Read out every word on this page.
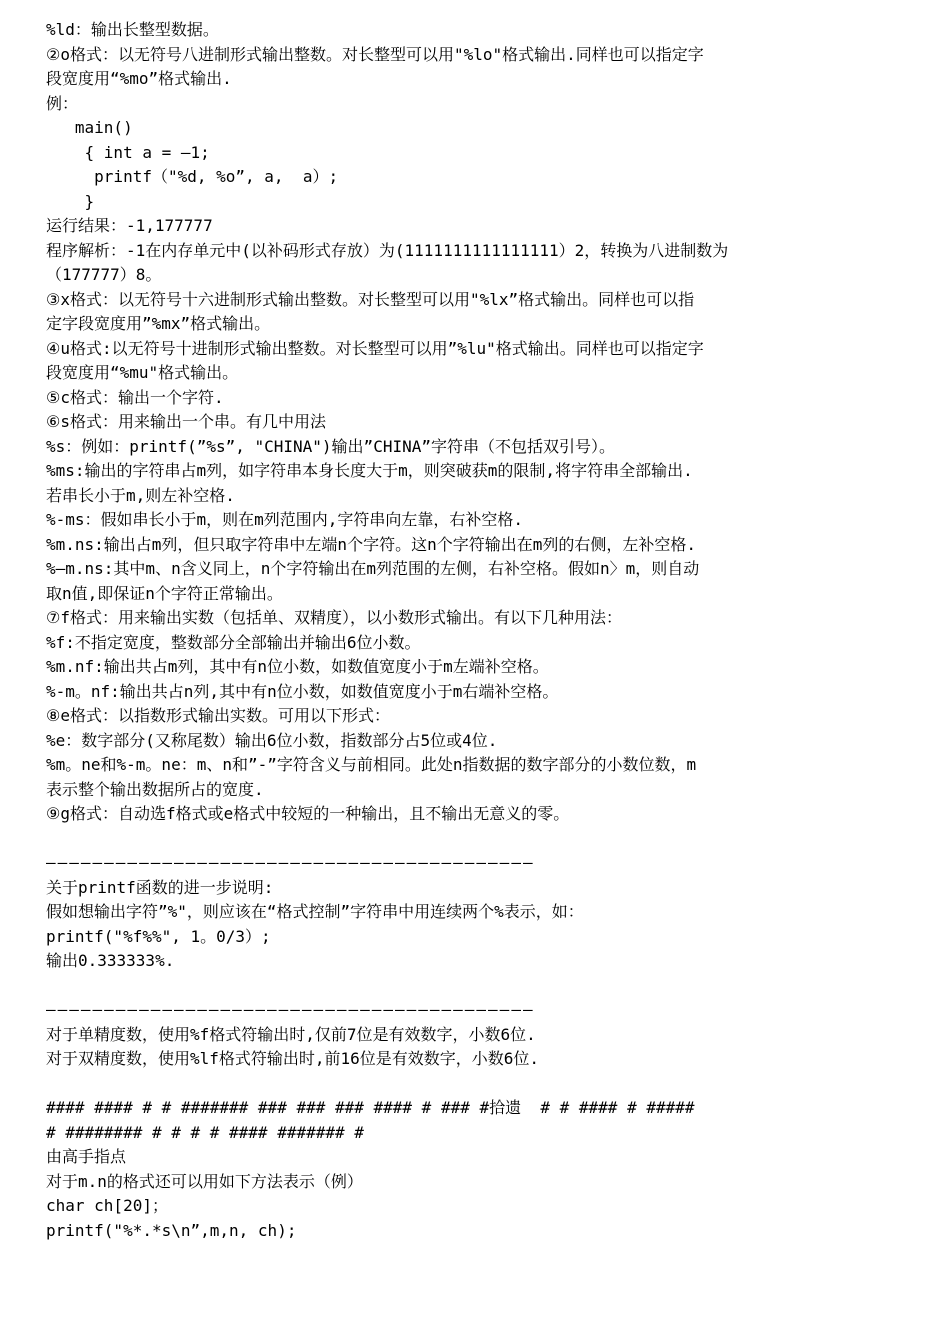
%ld：输出长整型数据。
②o格式：以无符号八进制形式输出整数。对长整型可以用"%lo"格式输出.同样也可以指定字
段宽度用“%mo”格式输出.
例：
main()
{ int a = —1;
printf（"%d, %o”, a,  a）;
}
运行结果：-1,177777
程序解析：-1在内存单元中(以补码形式存放）为(1111111111111111）2，转换为八进制数为
（177777）8。
③x格式：以无符号十六进制形式输出整数。对长整型可以用"%lx”格式输出。同样也可以指
定字段宽度用”%mx”格式输出。
④u格式:以无符号十进制形式输出整数。对长整型可以用”%lu"格式输出。同样也可以指定字
段宽度用“%mu"格式输出。
⑤c格式：输出一个字符.
⑥s格式：用来输出一个串。有几中用法
%s：例如：printf(”%s”, "CHINA")输出”CHINA”字符串（不包括双引号）。
%ms:输出的字符串占m列，如字符串本身长度大于m，则突破获m的限制,将字符串全部输出.
若串长小于m,则左补空格.
%-ms：假如串长小于m，则在m列范围内,字符串向左靠，右补空格.
%m.ns:输出占m列，但只取字符串中左端n个字符。这n个字符输出在m列的右侧，左补空格.
%—m.ns:其中m、n含义同上，n个字符输出在m列范围的左侧，右补空格。假如n〉m，则自动
取n值,即保证n个字符正常输出。
⑦f格式：用来输出实数（包括单、双精度），以小数形式输出。有以下几种用法：
%f:不指定宽度，整数部分全部输出并输出6位小数。
%m.nf:输出共占m列，其中有n位小数，如数值宽度小于m左端补空格。
%-m。nf:输出共占n列,其中有n位小数，如数值宽度小于m右端补空格。
⑧e格式：以指数形式输出实数。可用以下形式：
%e：数字部分(又称尾数）输出6位小数，指数部分占5位或4位.
%m。ne和%-m。ne：m、n和”-”字符含义与前相同。此处n指数据的数字部分的小数位数，m
表示整个输出数据所占的宽度.
⑨g格式：自动选f格式或e格式中较短的一种输出，且不输出无意义的零。
——————————————————————————————————————————
关于printf函数的进一步说明:
假如想输出字符”%"，则应该在“格式控制”字符串中用连续两个%表示，如：
printf("%f%%", 1。0/3）;
输出0.333333%.
——————————————————————————————————————————
对于单精度数，使用%f格式符输出时,仅前7位是有效数字，小数6位.
对于双精度数，使用%lf格式符输出时,前16位是有效数字，小数6位.
#### #### # # ####### ### ### ### #### # ### #拾遗  # # #### # #####
# ######## # # # # #### ####### #
由高手指点
对于m.n的格式还可以用如下方法表示（例）
char ch[20]；
printf("%*.*s\n”,m,n, ch);
